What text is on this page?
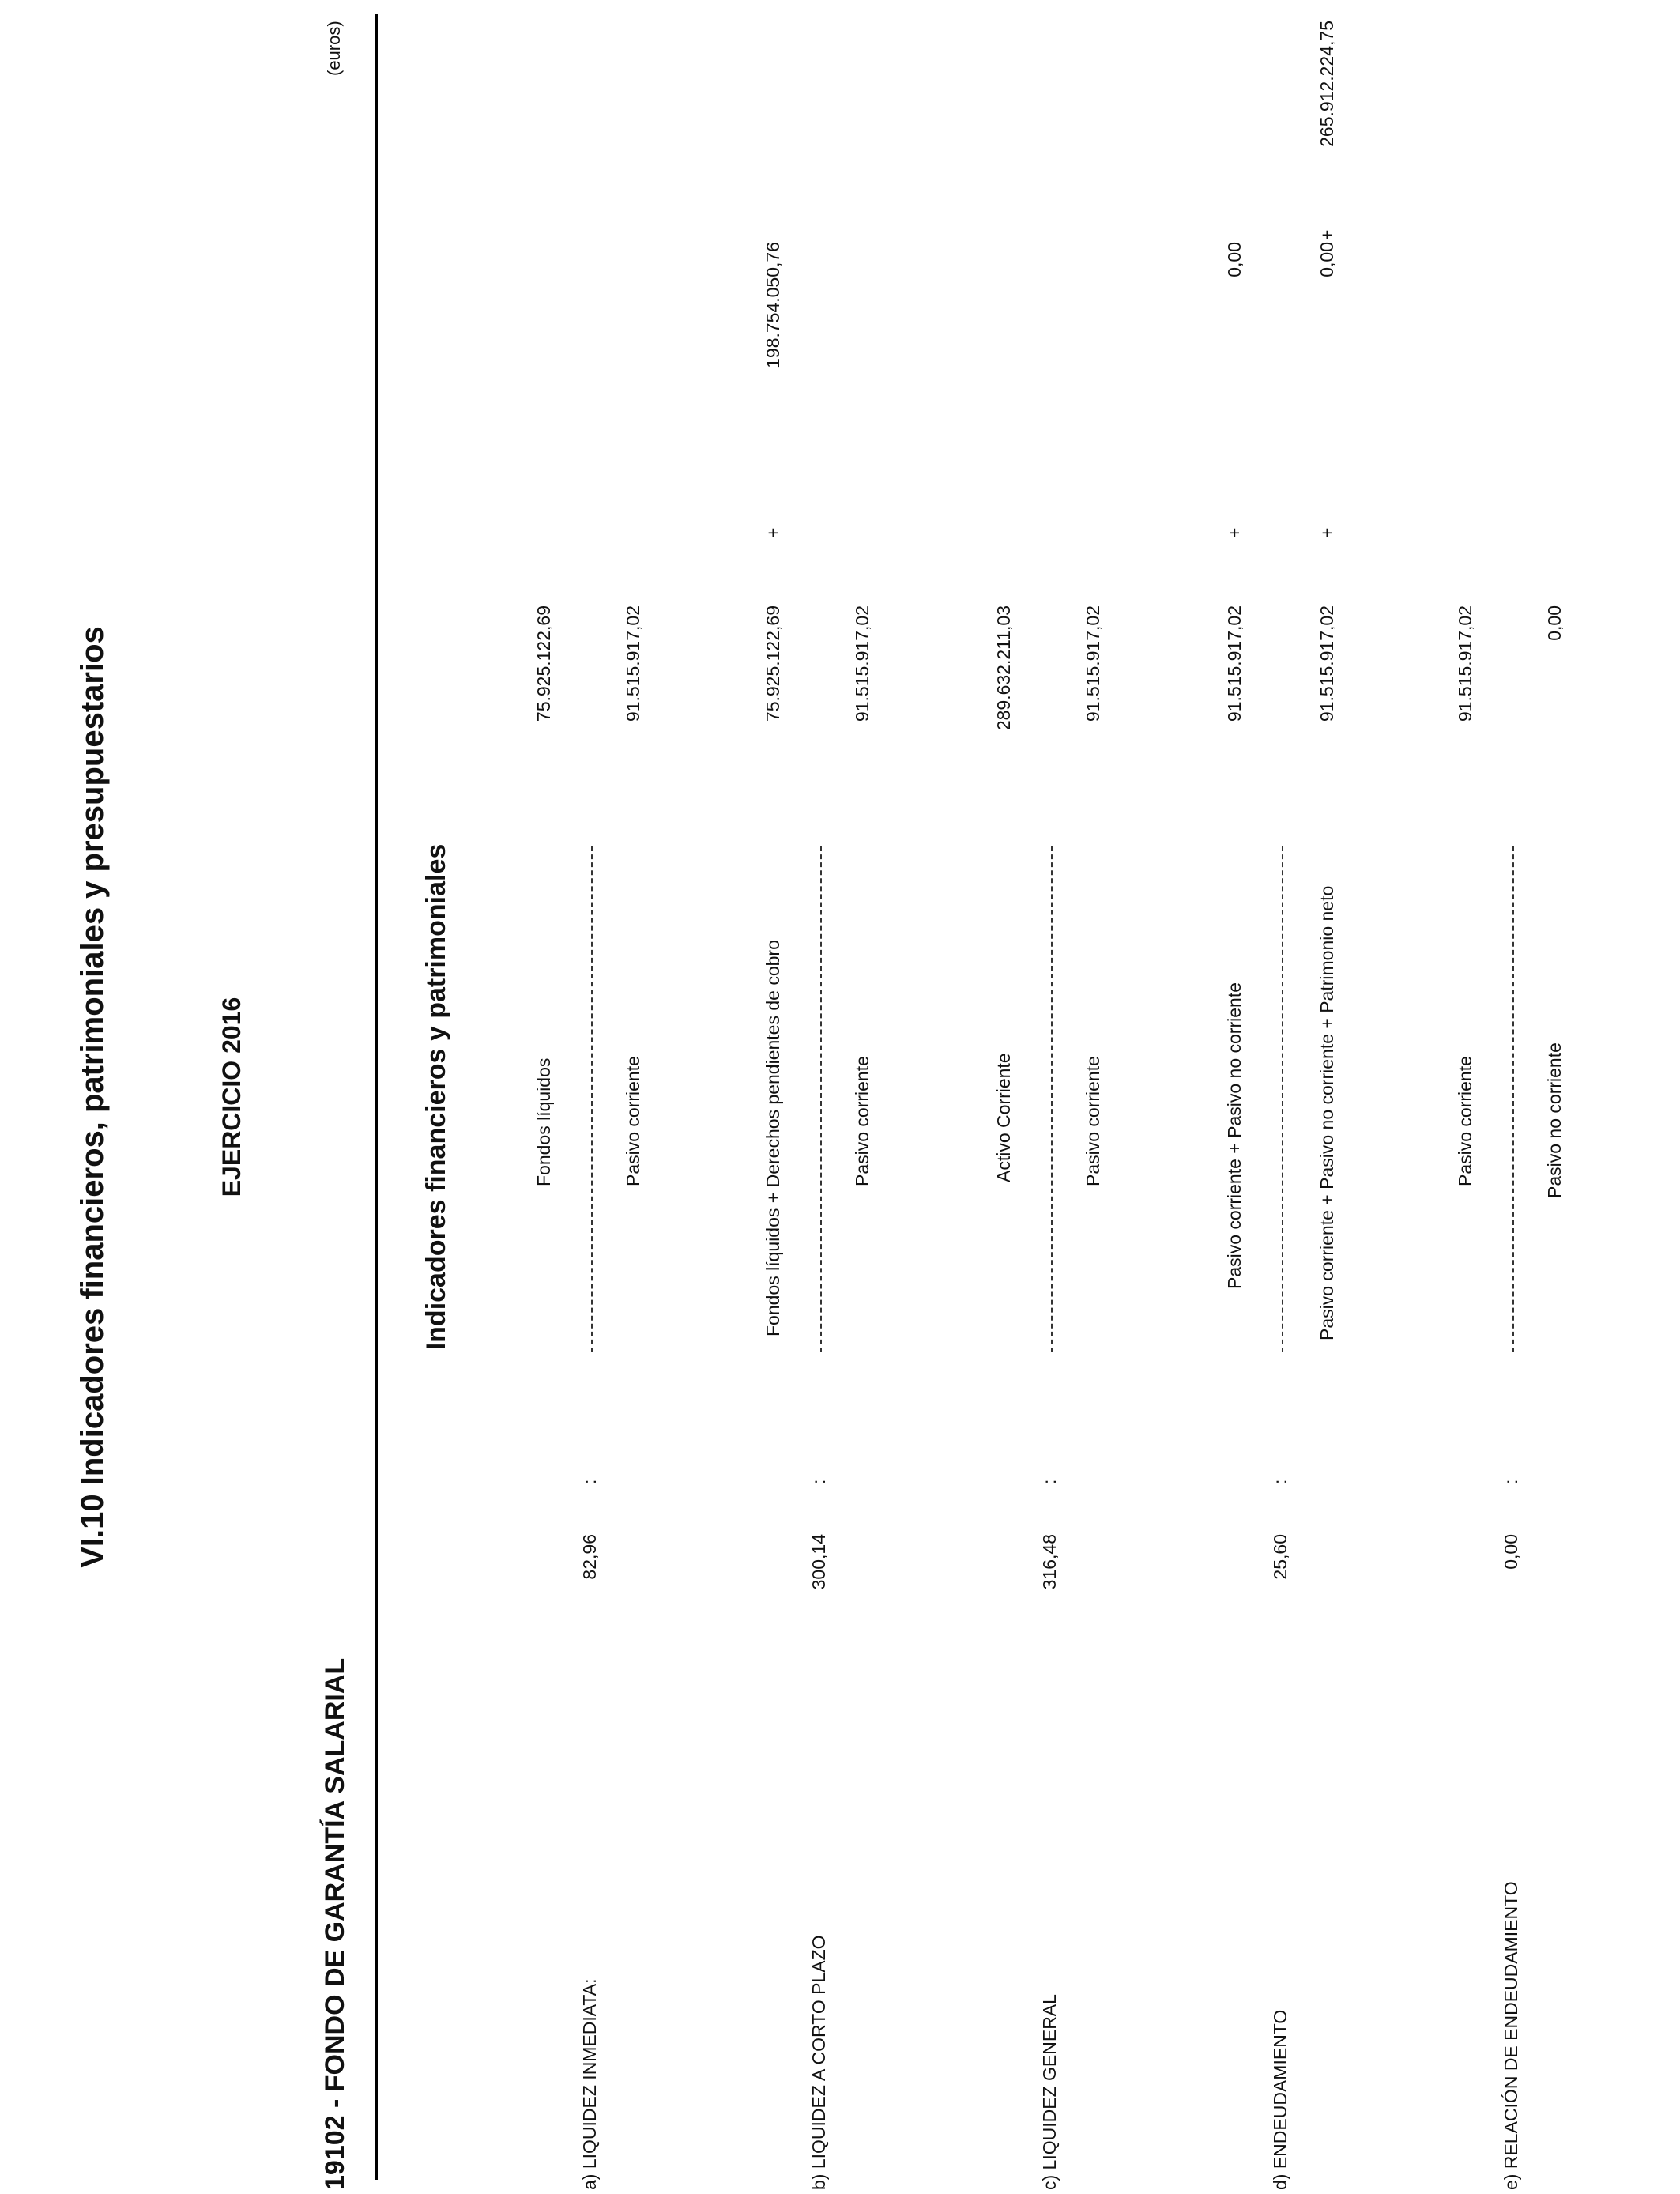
VI.10 Indicadores financieros, patrimoniales y presupuestarios	EJERCICIO 2016
19102 - FONDO DE GARANTÍA SALARIAL
(euros)
Indicadores financieros y patrimoniales
a) LIQUIDEZ INMEDIATA:
82,96
:
Fondos líquidos
75.925.122,69
Pasivo corriente
91.515.917,02
b) LIQUIDEZ A CORTO PLAZO
300,14
:
Fondos líquidos + Derechos pendientes de cobro
75.925.122,69
+
198.754.050,76
Pasivo corriente
91.515.917,02
c) LIQUIDEZ GENERAL
316,48
:
Activo Corriente
289.632.211,03
Pasivo corriente
91.515.917,02
d) ENDEUDAMIENTO
25,60
:
Pasivo corriente + Pasivo no corriente
91.515.917,02
+
0,00
Pasivo corriente + Pasivo no corriente + Patrimonio neto
91.515.917,02
+
0,00
+
265.912.224,75
e) RELACIÓN DE ENDEUDAMIENTO
0,00
:
Pasivo corriente
91.515.917,02
Pasivo no corriente
0,00
